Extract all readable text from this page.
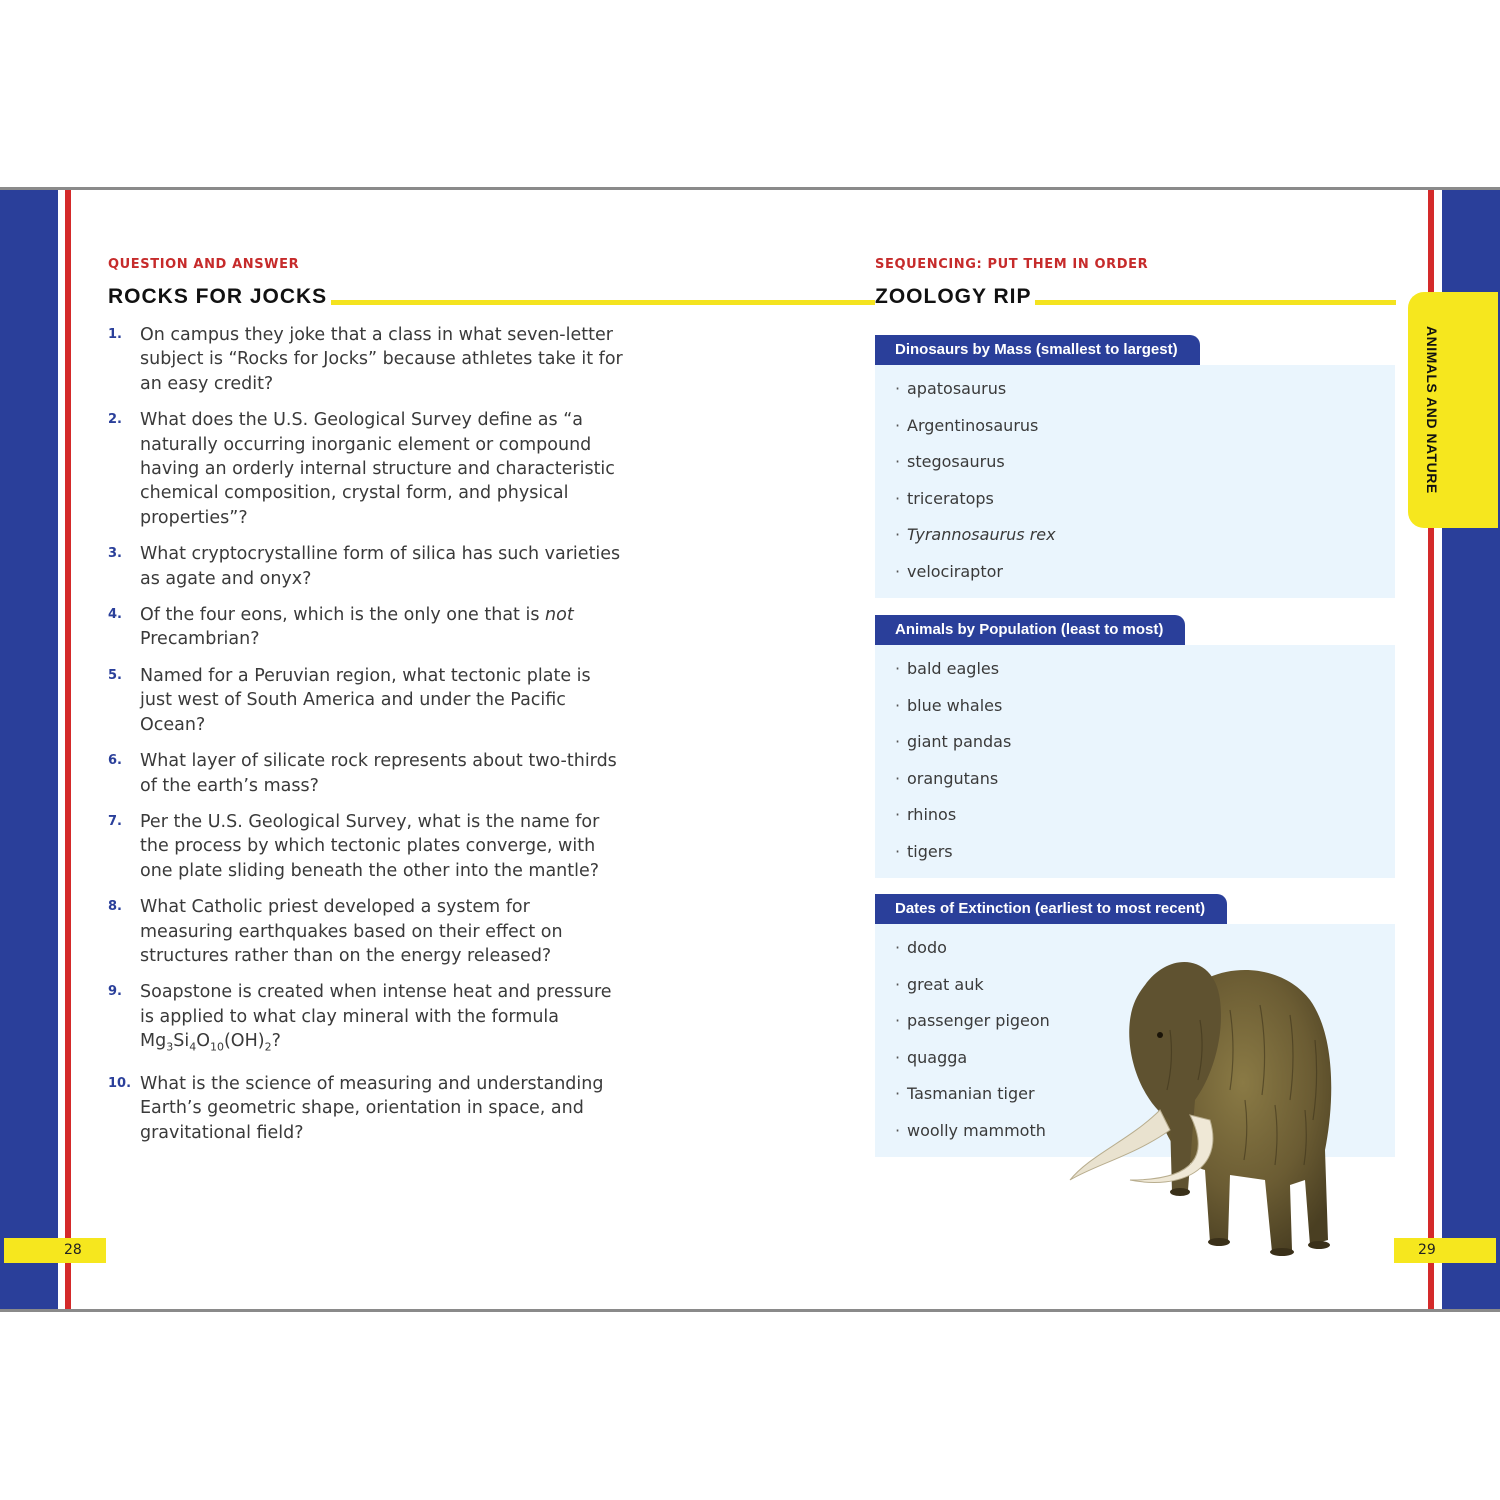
QUESTION AND ANSWER
ROCKS FOR JOCKS
1.	On campus they joke that a class in what seven-letter subject is “Rocks for Jocks” because athletes take it for an easy credit?
2.	What does the U.S. Geological Survey define as “a naturally occurring inorganic element or compound having an orderly internal structure and characteristic chemical composition, crystal form, and physical properties”?
3.	What cryptocrystalline form of silica has such varieties as agate and onyx?
4.	Of the four eons, which is the only one that is not Precambrian?
5.	Named for a Peruvian region, what tectonic plate is just west of South America and under the Pacific Ocean?
6.	What layer of silicate rock represents about two-thirds of the earth’s mass?
7.	Per the U.S. Geological Survey, what is the name for the process by which tectonic plates converge, with one plate sliding beneath the other into the mantle?
8.	What Catholic priest developed a system for measuring earthquakes based on their effect on structures rather than on the energy released?
9.	Soapstone is created when intense heat and pressure is applied to what clay mineral with the formula
$Mg_3Si_4O_{10}(OH)_2$?
10. What is the science of measuring and understanding Earth’s geometric shape, orientation in space, and gravitational field?
28
SEQUENCING: PUT THEM IN ORDER
ZOOLOGY RIP
ANIMALS AND NATURE
Dinosaurs by Mass (smallest to largest)
· apatosaurus
· Argentinosaurus
· stegosaurus
· triceratops
· Tyrannosaurus rex
· velociraptor
Animals by Population (least to most)
· bald eagles
· blue whales
· giant pandas
· orangutans
· rhinos
· tigers
Dates of Extinction (earliest to most recent)
· dodo
· great auk
· passenger pigeon
· quagga
· Tasmanian tiger
· woolly mammoth
29
